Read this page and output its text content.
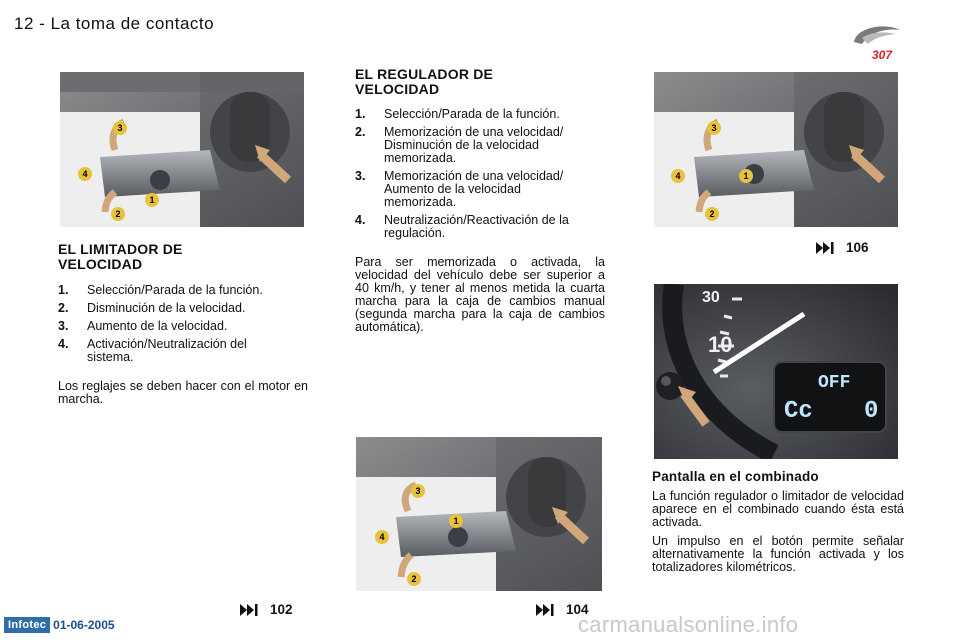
12 - La toma de contacto
307
3
4
1
2
EL LIMITADOR DE
VELOCIDAD
1.	Selección/Parada de la función.
2.	Disminución de la velocidad.
3.	Aumento de la velocidad.
4.	Activación/Neutralización del sistema.

Los reglajes se deben hacer con el motor en marcha.

EL REGULADOR DE
VELOCIDAD
1.	Selección/Parada de la función.
2.	Memorización de una velocidad/ Disminución de la velocidad memorizada.
3.	Memorización de una velocidad/ Aumento de la velocidad memorizada.
4.	Neutralización/Reactivación de la regulación.

Para ser memorizada o activada, la velocidad del vehículo debe ser superior a 40 km/h, y tener al menos metida la cuarta marcha para la caja de cambios manual (segunda marcha para la caja de cambios automática).

3
4
1
2
3
4	1
2
106
30
10
OFF
Cc 0
Pantalla en el combinado

La función regulador o limitador de velocidad aparece en el combinado cuando ésta está activada.

Un impulso en el botón permite señalar alternativamente la función activada y los totalizadores kilométricos.

102	104
Infotec 01-06-2005	carmanualsonline.info
